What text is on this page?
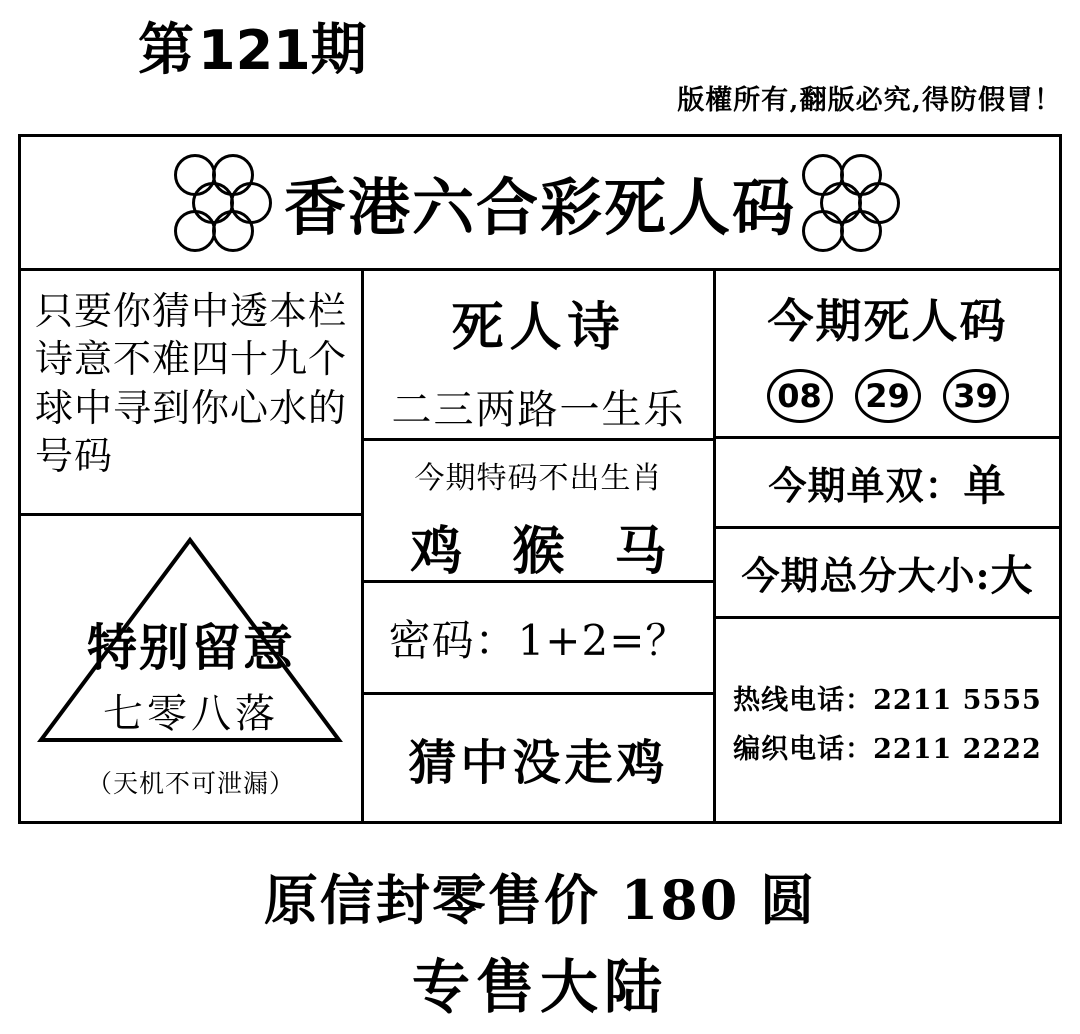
第121期
版權所有‚翻版必究‚得防假冒！
香港六合彩死人码
只要你猜中透本栏诗意不难四十九个球中寻到你心水的号码
特别留意
七零八落
（天机不可泄漏）
死人诗
二三两路一生乐
今期特码不出生肖
鸡 猴 马
密码：1+2=？
猜中没走鸡
今期死人码
08	29	39
今期单双： 单
今期总分大小: 大
热线电话：2211 5555
编织电话：2211 2222
原信封零售价 180 圆
专售大陆
